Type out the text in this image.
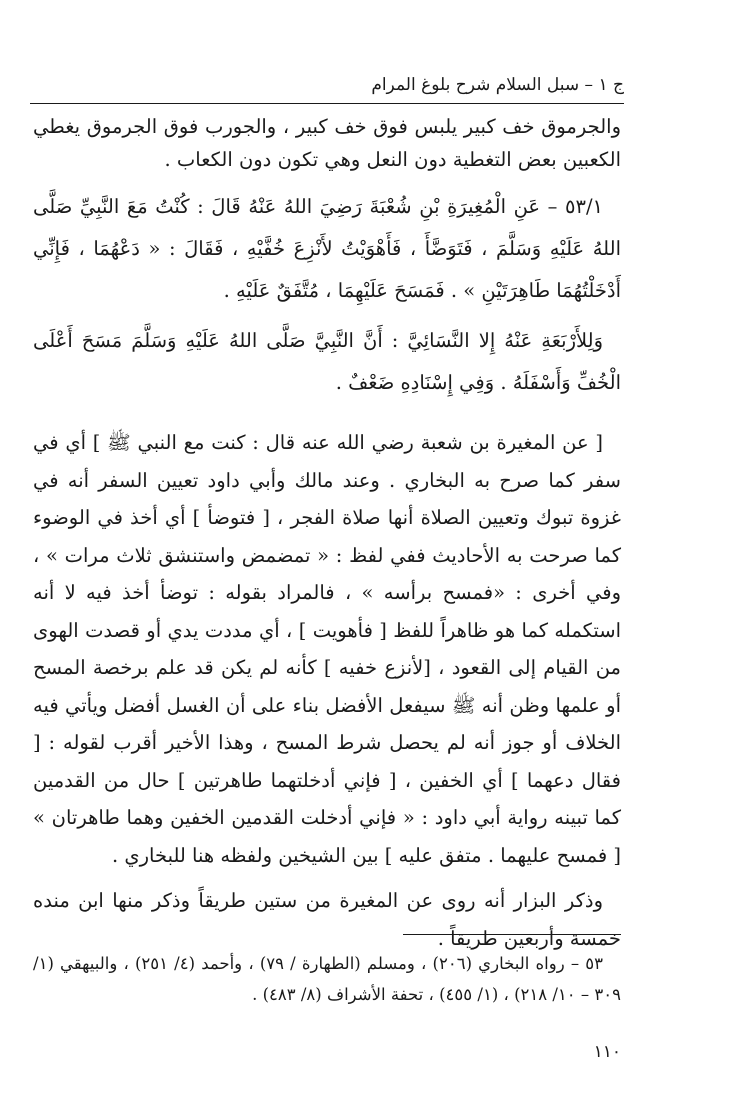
ج ١ – سبل السلام شرح بلوغ المرام

والجرموق خف كبير يلبس فوق خف كبير ، والجورب فوق الجرموق يغطي الكعبين بعض التغطية دون النعل وهي تكون دون الكعاب .

٥٣/١ – عَنِ الْمُغِيرَةِ بْنِ شُعْبَةَ رَضِيَ اللهُ عَنْهُ قَالَ : كُنْتُ مَعَ النَّبِيِّ صَلَّى اللهُ عَلَيْهِ وَسَلَّمَ ، فَتَوَضَّأَ ، فَأَهْوَيْتُ لأَنْزِعَ خُفَّيْهِ ، فَقَالَ : « دَعْهُمَا ، فَإِنِّي أَدْخَلْتُهُمَا طَاهِرَتَيْنِ » . فَمَسَحَ عَلَيْهِمَا ، مُتَّفَقٌ عَلَيْهِ .

وَلِلأَرْبَعَةِ عَنْهُ إِلا النَّسَائِيَّ : أَنَّ النَّبِيَّ صَلَّى اللهُ عَلَيْهِ وَسَلَّمَ مَسَحَ أَعْلَى الْخُفِّ وَأَسْفَلَهُ . وَفِي إِسْنَادِهِ ضَعْفٌ .

[ عن المغيرة بن شعبة رضي الله عنه قال : كنت مع النبي ﷺ ] أي في سفر كما صرح به البخاري . وعند مالك وأبي داود تعيين السفر أنه في غزوة تبوك وتعيين الصلاة أنها صلاة الفجر ، [ فتوضأ ] أي أخذ في الوضوء كما صرحت به الأحاديث ففي لفظ : « تمضمض واستنشق ثلاث مرات » ، وفي أخرى : «فمسح برأسه » ، فالمراد بقوله : توضأ أخذ فيه لا أنه استكمله كما هو ظاهراً للفظ [ فأهويت ] ، أي مددت يدي أو قصدت الهوى من القيام إلى القعود ، [لأنزع خفيه ] كأنه لم يكن قد علم برخصة المسح أو علمها وظن أنه ﷺ سيفعل الأفضل بناء على أن الغسل أفضل ويأتي فيه الخلاف أو جوز أنه لم يحصل شرط المسح ، وهذا الأخير أقرب لقوله : [ فقال دعهما ] أي الخفين ، [ فإني أدخلتهما طاهرتين ] حال من القدمين كما تبينه رواية أبي داود : « فإني أدخلت القدمين الخفين وهما طاهرتان » [ فمسح عليهما . متفق عليه ] بين الشيخين ولفظه هنا للبخاري .

وذكر البزار أنه روى عن المغيرة من ستين طريقاً وذكر منها ابن منده خمسة وأربعين طريقاً .

٥٣ – رواه البخاري (٢٠٦) ، ومسلم (الطهارة / ٧٩) ، وأحمد (٤/ ٢٥١) ، والبيهقي (١/ ٣٠٩ – ١٠/ ٢١٨) ، (١/ ٤٥٥) ، تحفة الأشراف (٨/ ٤٨٣) .

١١٠
